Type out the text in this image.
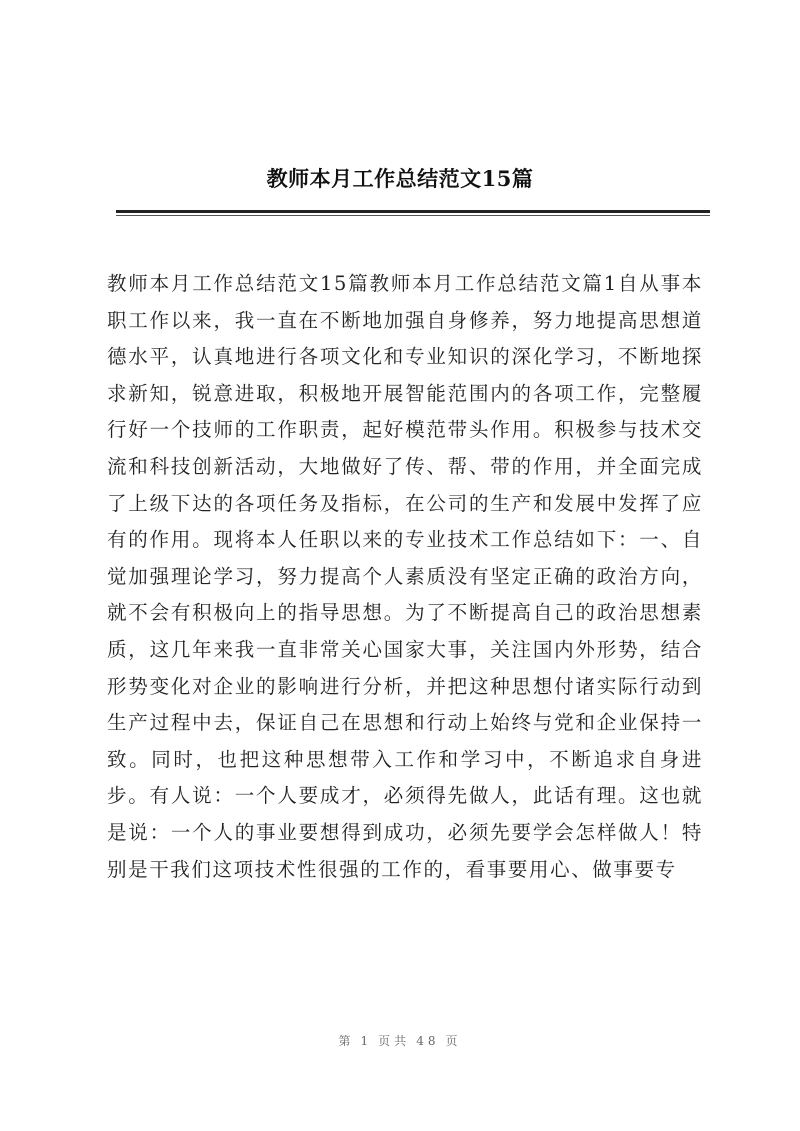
教师本月工作总结范文15篇

教师本月工作总结范文15篇教师本月工作总结范文篇1自从事本职工作以来，我一直在不断地加强自身修养，努力地提高思想道德水平，认真地进行各项文化和专业知识的深化学习，不断地探求新知，锐意进取，积极地开展智能范围内的各项工作，完整履行好一个技师的工作职责，起好模范带头作用。积极参与技术交流和科技创新活动，大地做好了传、帮、带的作用，并全面完成了上级下达的各项任务及指标，在公司的生产和发展中发挥了应有的作用。现将本人任职以来的专业技术工作总结如下：一、自觉加强理论学习，努力提高个人素质没有坚定正确的政治方向，就不会有积极向上的指导思想。为了不断提高自己的政治思想素质，这几年来我一直非常关心国家大事，关注国内外形势，结合形势变化对企业的影响进行分析，并把这种思想付诸实际行动到生产过程中去，保证自己在思想和行动上始终与党和企业保持一致。同时，也把这种思想带入工作和学习中，不断追求自身进步。有人说：一个人要成才，必须得先做人，此话有理。这也就是说：一个人的事业要想得到成功，必须先要学会怎样做人！特别是干我们这项技术性很强的工作的，看事要用心、做事要专

第 1 页共 48 页
